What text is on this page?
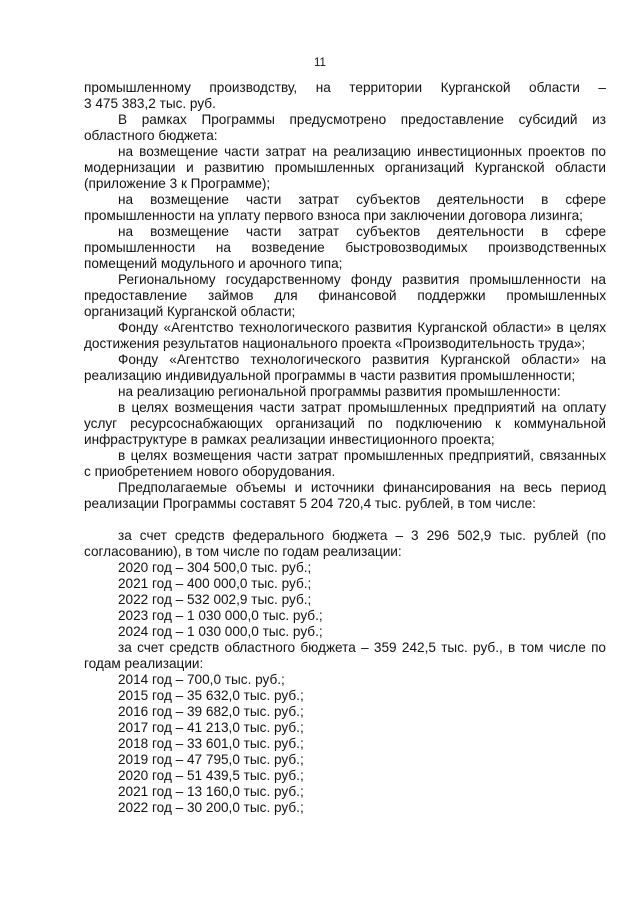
11
промышленному производству, на территории Курганской области –
3 475 383,2 тыс. руб.
В рамках Программы предусмотрено предоставление субсидий из
областного бюджета:
на возмещение части затрат на реализацию инвестиционных проектов по
модернизации и развитию промышленных организаций Курганской области
(приложение 3 к Программе);
на возмещение части затрат субъектов деятельности в сфере
промышленности на уплату первого взноса при заключении договора лизинга;
на возмещение части затрат субъектов деятельности в сфере
промышленности на возведение быстровозводимых производственных
помещений модульного и арочного типа;
Региональному государственному фонду развития промышленности на
предоставление займов для финансовой поддержки промышленных
организаций Курганской области;
Фонду «Агентство технологического развития Курганской области» в целях
достижения результатов национального проекта «Производительность труда»;
Фонду «Агентство технологического развития Курганской области» на
реализацию индивидуальной программы в части развития промышленности;
на реализацию региональной программы развития промышленности:
в целях возмещения части затрат промышленных предприятий на оплату
услуг ресурсоснабжающих организаций по подключению к коммунальной
инфраструктуре в рамках реализации инвестиционного проекта;
в целях возмещения части затрат промышленных предприятий, связанных
с приобретением нового оборудования.
Предполагаемые объемы и источники финансирования на весь период
реализации Программы составят 5 204 720,4 тыс. рублей, в том числе:
за счет средств федерального бюджета – 3 296 502,9 тыс. рублей (по
согласованию), в том числе по годам реализации:
2020 год – 304 500,0 тыс. руб.;
2021 год – 400 000,0 тыс. руб.;
2022 год – 532 002,9 тыс. руб.;
2023 год – 1 030 000,0 тыс. руб.;
2024 год – 1 030 000,0 тыс. руб.;
за счет средств областного бюджета – 359 242,5 тыс. руб., в том числе по
годам реализации:
2014 год – 700,0 тыс. руб.;
2015 год – 35 632,0 тыс. руб.;
2016 год – 39 682,0 тыс. руб.;
2017 год – 41 213,0 тыс. руб.;
2018 год – 33 601,0 тыс. руб.;
2019 год – 47 795,0 тыс. руб.;
2020 год – 51 439,5 тыс. руб.;
2021 год – 13 160,0 тыс. руб.;
2022 год – 30 200,0 тыс. руб.;
